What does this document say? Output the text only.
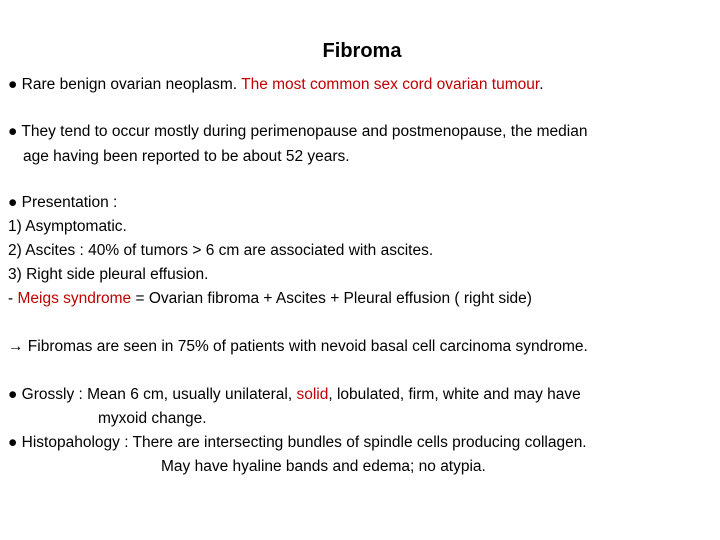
Fibroma
● Rare benign ovarian neoplasm. The most common sex cord ovarian tumour.
● They tend to occur mostly during perimenopause and postmenopause, the median
age having been reported to be about 52 years.
● Presentation :
1) Asymptomatic.
2) Ascites : 40% of tumors > 6 cm are associated with ascites.
3) Right side pleural effusion.
- Meigs syndrome = Ovarian fibroma + Ascites + Pleural effusion ( right side)
→ Fibromas are seen in 75% of patients with nevoid basal cell carcinoma syndrome.
● Grossly : Mean 6 cm, usually unilateral, solid, lobulated, firm, white and may have
myxoid change.
● Histopahology : There are intersecting bundles of spindle cells producing collagen.
May have hyaline bands and edema; no atypia.
